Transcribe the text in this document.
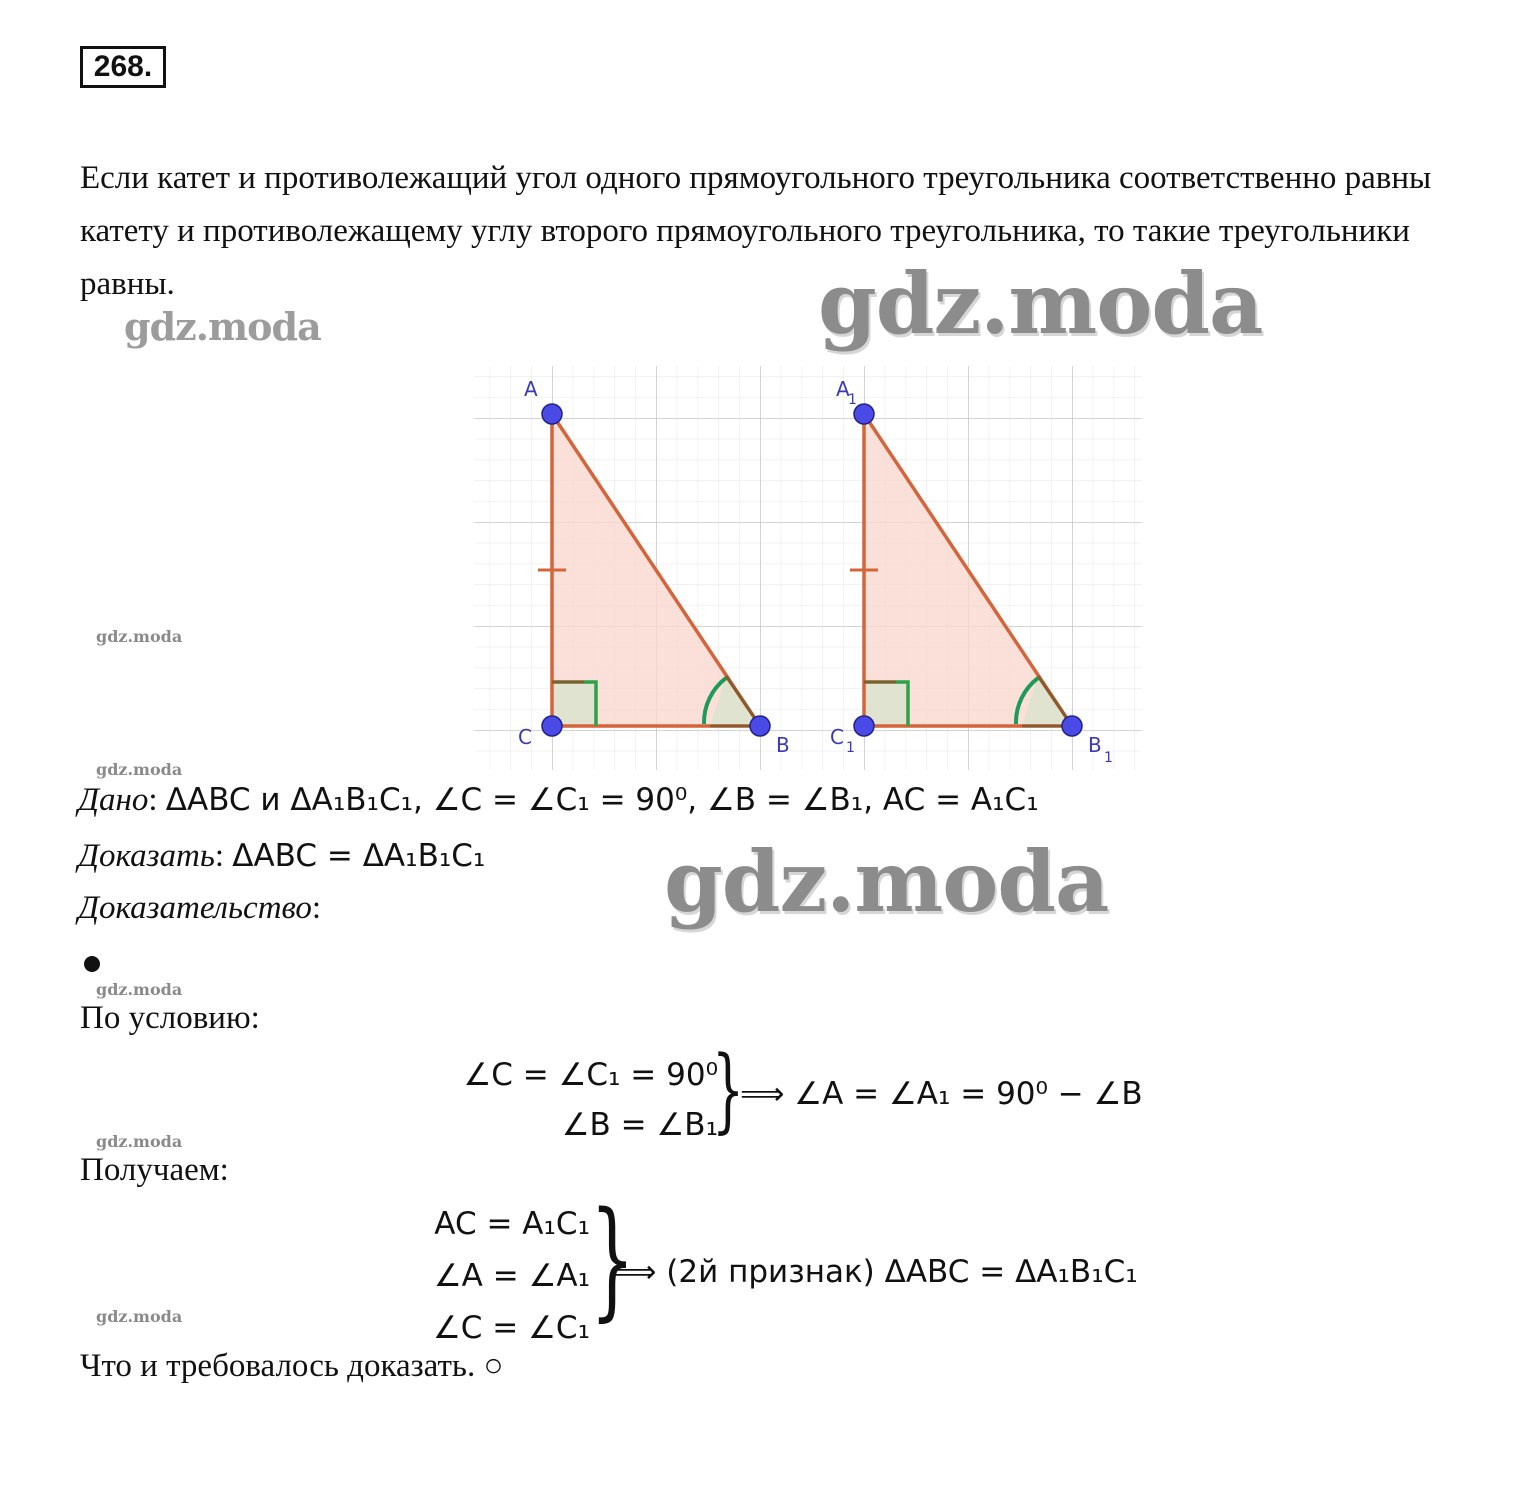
268.

Если катет и противолежащий угол одного прямоугольного треугольника соответственно равны катету и противолежащему углу второго прямоугольного треугольника, то такие треугольники равны.

gdz.moda	gdz.moda
gdz.moda
gdz.moda
gdz.moda
gdz.moda
gdz.moda
A
C	B
A
1
C 1	B
1
Дано: ΔABC и ΔA₁B₁C₁, ∠C = ∠C₁ = 90⁰, ∠B = ∠B₁, AC = A₁C₁
Доказать: ΔABC = ΔA₁B₁C₁ gdz.moda
Доказательство:
По условию:
∠C = ∠C₁ = 90⁰
∠B = ∠B₁
}
⟹ ∠A = ∠A₁ = 90⁰ − ∠B
Получаем:
AC = A₁C₁
∠A = ∠A₁
∠C = ∠C₁ }
⟹ (2й признак) ΔABC = ΔA₁B₁C₁
Что и требовалось доказать. ○
